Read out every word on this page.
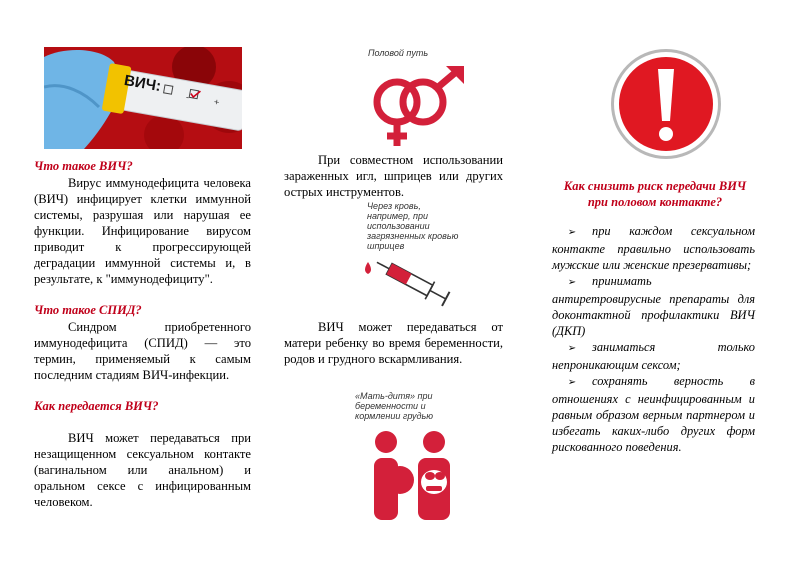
ВИЧ:
-	+
Что такое ВИЧ?
Вирус иммунодефицита человека (ВИЧ) инфицирует клетки иммунной системы, разрушая или нарушая ее функции. Инфицирование вирусом приводит к прогрессирующей деградации иммунной системы и, в результате, к "иммунодефициту".
Что такое СПИД?
Синдром приобретенного иммунодефицита (СПИД) — это термин, применяемый к самым последним стадиям ВИЧ-инфекции.
Как передается ВИЧ?
ВИЧ может передаваться при незащищенном сексуальном контакте (вагинальном или анальном) и оральном сексе с инфицированным человеком.
Половой путь
При совместном использовании зараженных игл, шприцев или других острых инструментов.
Через кровь, например, при использовании загрязненных кровью шприцев
ВИЧ может передаваться от матери ребенку во время беременности, родов и грудного вскармливания.
«Мать-дитя» при беременности и кормлении грудью
Как снизить риск передачи ВИЧ при половом контакте?
➢ при каждом сексуальном контакте правильно использовать мужские или женские презервативы;
➢ принимать антиретровирусные препараты для доконтактной профилактики ВИЧ (ДКП)
➢ заниматься только непроникающим сексом;
➢ сохранять верность в отношениях с неинфицированным и равным образом верным партнером и избегать каких-либо других форм рискованного поведения.
